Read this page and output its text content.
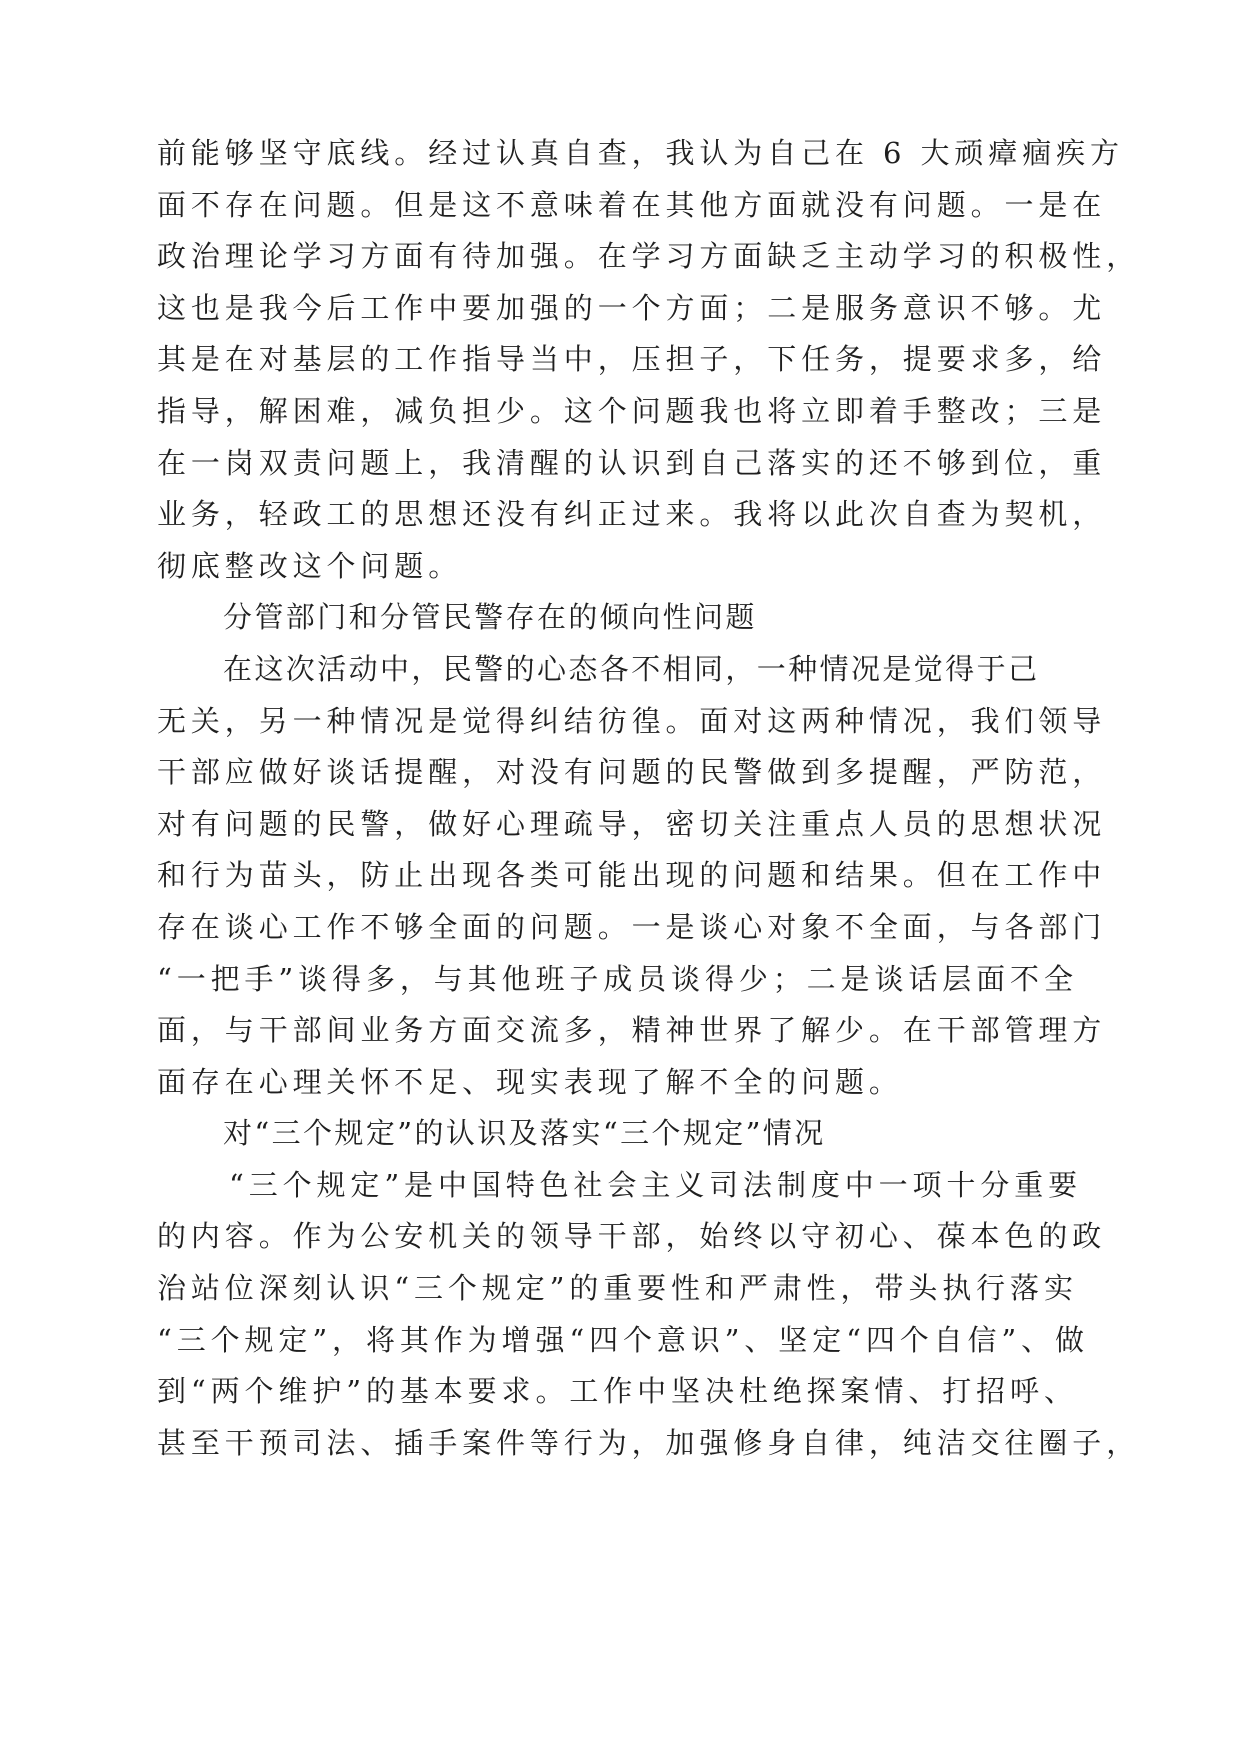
前能够坚守底线。经过认真自查，我认为自己在 6 大顽瘴痼疾方
面不存在问题。但是这不意味着在其他方面就没有问题。一是在
政治理论学习方面有待加强。在学习方面缺乏主动学习的积极性，
这也是我今后工作中要加强的一个方面；二是服务意识不够。尤
其是在对基层的工作指导当中，压担子，下任务，提要求多，给
指导，解困难，减负担少。这个问题我也将立即着手整改；三是
在一岗双责问题上，我清醒的认识到自己落实的还不够到位，重
业务，轻政工的思想还没有纠正过来。我将以此次自查为契机，
彻底整改这个问题。
分管部门和分管民警存在的倾向性问题
在这次活动中，民警的心态各不相同，一种情况是觉得于己
无关，另一种情况是觉得纠结彷徨。面对这两种情况，我们领导
干部应做好谈话提醒，对没有问题的民警做到多提醒，严防范，
对有问题的民警，做好心理疏导，密切关注重点人员的思想状况
和行为苗头，防止出现各类可能出现的问题和结果。但在工作中
存在谈心工作不够全面的问题。一是谈心对象不全面，与各部门
“一把手”谈得多，与其他班子成员谈得少；二是谈话层面不全
面，与干部间业务方面交流多，精神世界了解少。在干部管理方
面存在心理关怀不足、现实表现了解不全的问题。
对“三个规定”的认识及落实“三个规定”情况
“三个规定”是中国特色社会主义司法制度中一项十分重要
的内容。作为公安机关的领导干部，始终以守初心、葆本色的政
治站位深刻认识“三个规定”的重要性和严肃性，带头执行落实
“三个规定”，将其作为增强“四个意识”、坚定“四个自信”、做
到“两个维护”的基本要求。工作中坚决杜绝探案情、打招呼、
甚至干预司法、插手案件等行为，加强修身自律，纯洁交往圈子，
